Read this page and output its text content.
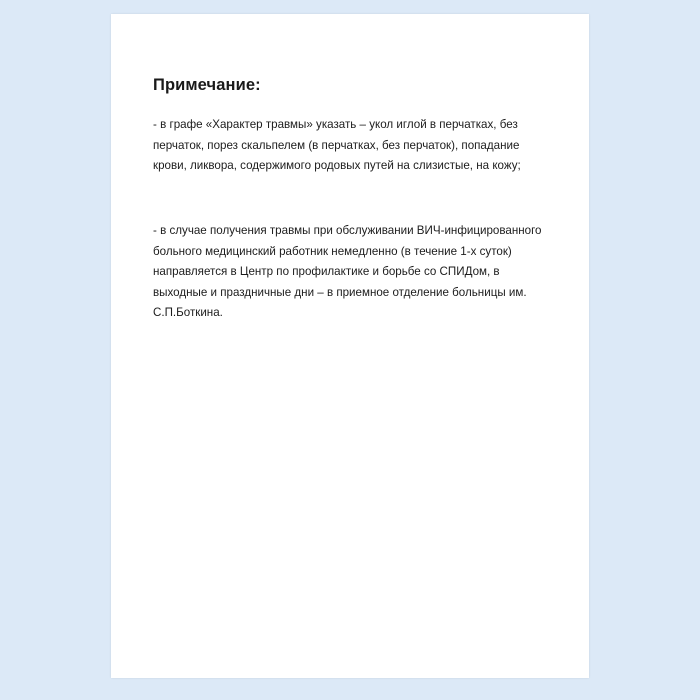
Примечание:

- в графе «Характер травмы» указать – укол иглой в перчатках, без перчаток, порез скальпелем (в перчатках, без перчаток), попадание крови, ликвора, содержимого родовых путей на слизистые, на кожу;

- в случае получения травмы при обслуживании ВИЧ-инфицированного больного медицинский работник немедленно (в течение 1-х суток) направляется в Центр по профилактике и борьбе со СПИДом, в выходные и праздничные дни – в приемное отделение больницы им. С.П.Боткина.
